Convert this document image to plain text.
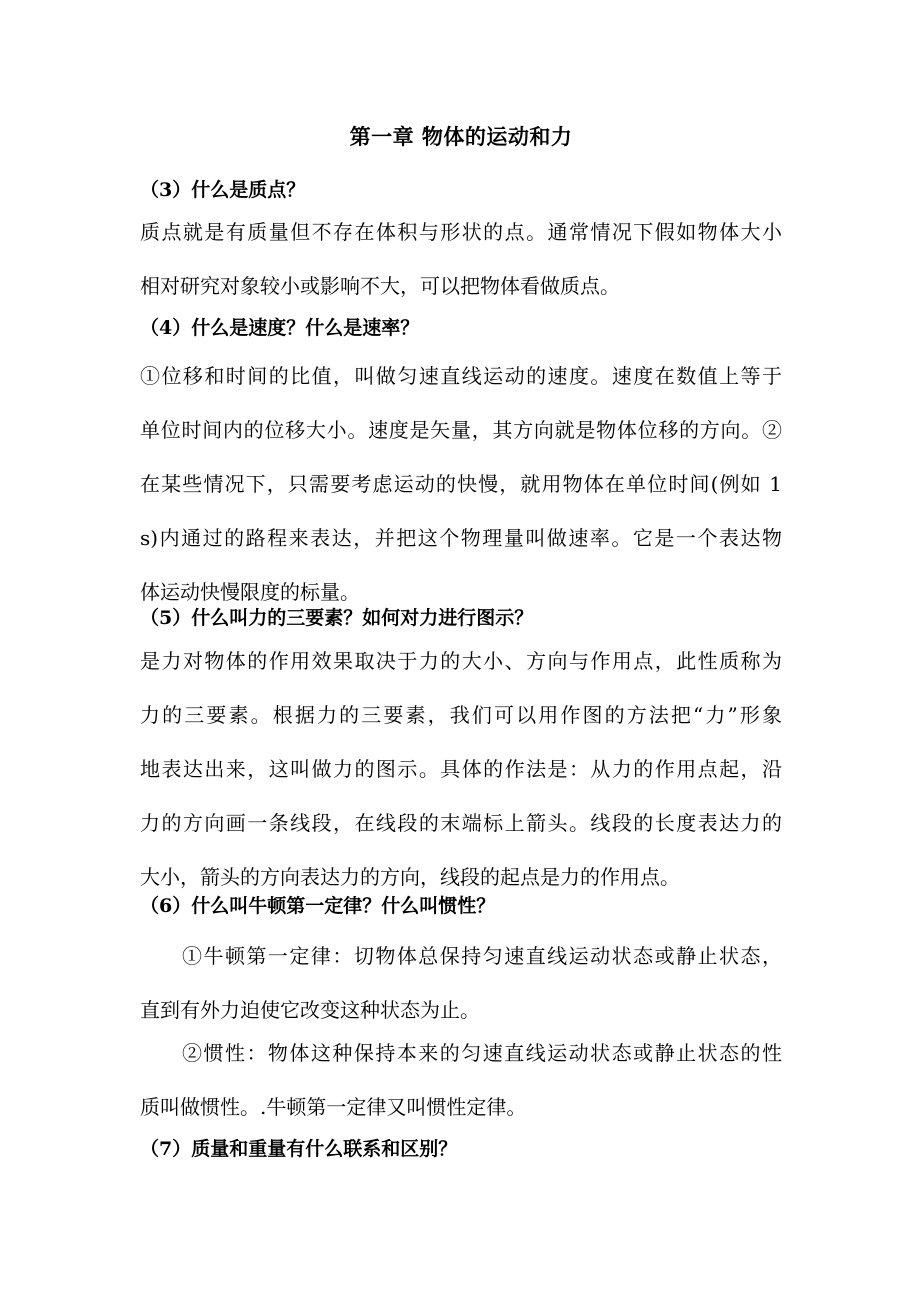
第一章 物体的运动和力
（3）什么是质点？
质点就是有质量但不存在体积与形状的点。通常情况下假如物体大小
相对研究对象较小或影响不大，可以把物体看做质点。
（4）什么是速度？什么是速率？
①位移和时间的比值，叫做匀速直线运动的速度。速度在数值上等于
单位时间内的位移大小。速度是矢量，其方向就是物体位移的方向。②
在某些情况下，只需要考虑运动的快慢，就用物体在单位时间(例如 1
s)内通过的路程来表达，并把这个物理量叫做速率。它是一个表达物
体运动快慢限度的标量。
（5）什么叫力的三要素？如何对力进行图示？
是力对物体的作用效果取决于力的大小、方向与作用点，此性质称为
力的三要素。根据力的三要素，我们可以用作图的方法把“力”形象
地表达出来，这叫做力的图示。具体的作法是：从力的作用点起，沿
力的方向画一条线段，在线段的末端标上箭头。线段的长度表达力的
大小，箭头的方向表达力的方向，线段的起点是力的作用点。
（6）什么叫牛顿第一定律？什么叫惯性？
①牛顿第一定律：切物体总保持匀速直线运动状态或静止状态，
直到有外力迫使它改变这种状态为止。
②惯性：物体这种保持本来的匀速直线运动状态或静止状态的性
质叫做惯性。.牛顿第一定律又叫惯性定律。
（7）质量和重量有什么联系和区别？
